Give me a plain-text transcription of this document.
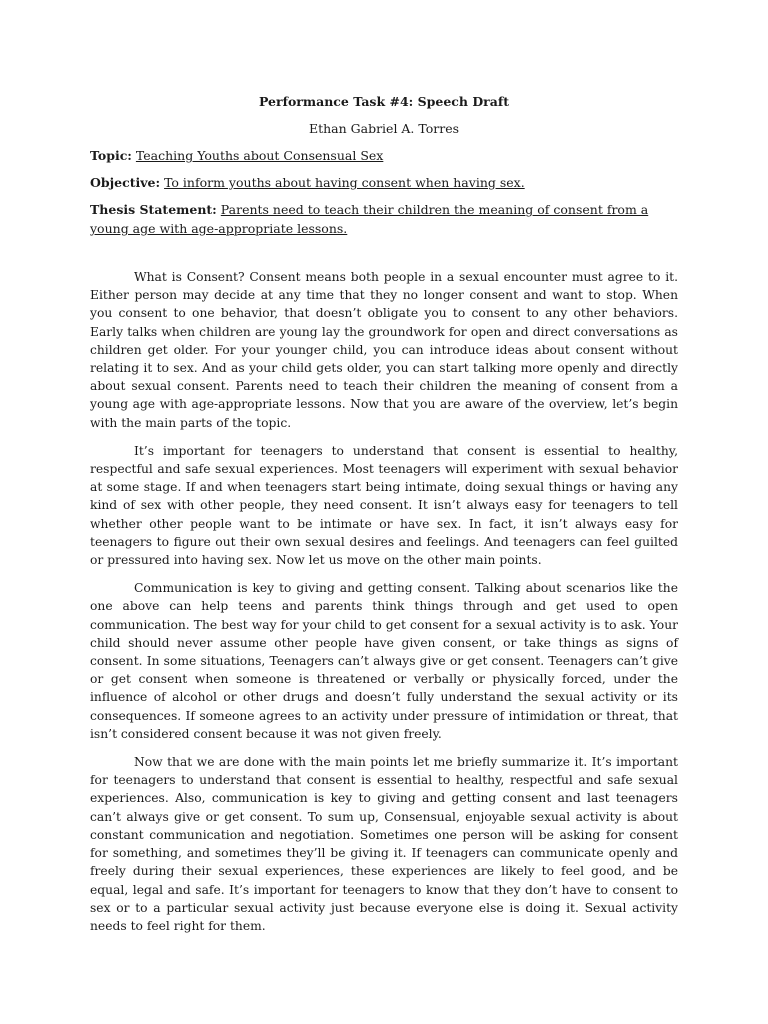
Performance Task #4: Speech Draft
Ethan Gabriel A. Torres
Topic: Teaching Youths about Consensual Sex
Objective: To inform youths about having consent when having sex.
Thesis Statement: Parents need to teach their children the meaning of consent from a young age with age-appropriate lessons.

What is Consent? Consent means both people in a sexual encounter must agree to it. Either person may decide at any time that they no longer consent and want to stop. When you consent to one behavior, that doesn’t obligate you to consent to any other behaviors. Early talks when children are young lay the groundwork for open and direct conversations as children get older. For your younger child, you can introduce ideas about consent without relating it to sex. And as your child gets older, you can start talking more openly and directly about sexual consent. Parents need to teach their children the meaning of consent from a young age with age-appropriate lessons. Now that you are aware of the overview, let’s begin with the main parts of the topic.

It’s important for teenagers to understand that consent is essential to healthy, respectful and safe sexual experiences. Most teenagers will experiment with sexual behavior at some stage. If and when teenagers start being intimate, doing sexual things or having any kind of sex with other people, they need consent. It isn’t always easy for teenagers to tell whether other people want to be intimate or have sex. In fact, it isn’t always easy for teenagers to figure out their own sexual desires and feelings. And teenagers can feel guilted or pressured into having sex. Now let us move on the other main points.

Communication is key to giving and getting consent. Talking about scenarios like the one above can help teens and parents think things through and get used to open communication. The best way for your child to get consent for a sexual activity is to ask. Your child should never assume other people have given consent, or take things as signs of consent. In some situations, Teenagers can’t always give or get consent. Teenagers can’t give or get consent when someone is threatened or verbally or physically forced, under the influence of alcohol or other drugs and doesn’t fully understand the sexual activity or its consequences. If someone agrees to an activity under pressure of intimidation or threat, that isn’t considered consent because it was not given freely.

Now that we are done with the main points let me briefly summarize it. It’s important for teenagers to understand that consent is essential to healthy, respectful and safe sexual experiences. Also, communication is key to giving and getting consent and last teenagers can’t always give or get consent. To sum up, Consensual, enjoyable sexual activity is about constant communication and negotiation. Sometimes one person will be asking for consent for something, and sometimes they’ll be giving it. If teenagers can communicate openly and freely during their sexual experiences, these experiences are likely to feel good, and be equal, legal and safe. It’s important for teenagers to know that they don’t have to consent to sex or to a particular sexual activity just because everyone else is doing it. Sexual activity needs to feel right for them.
